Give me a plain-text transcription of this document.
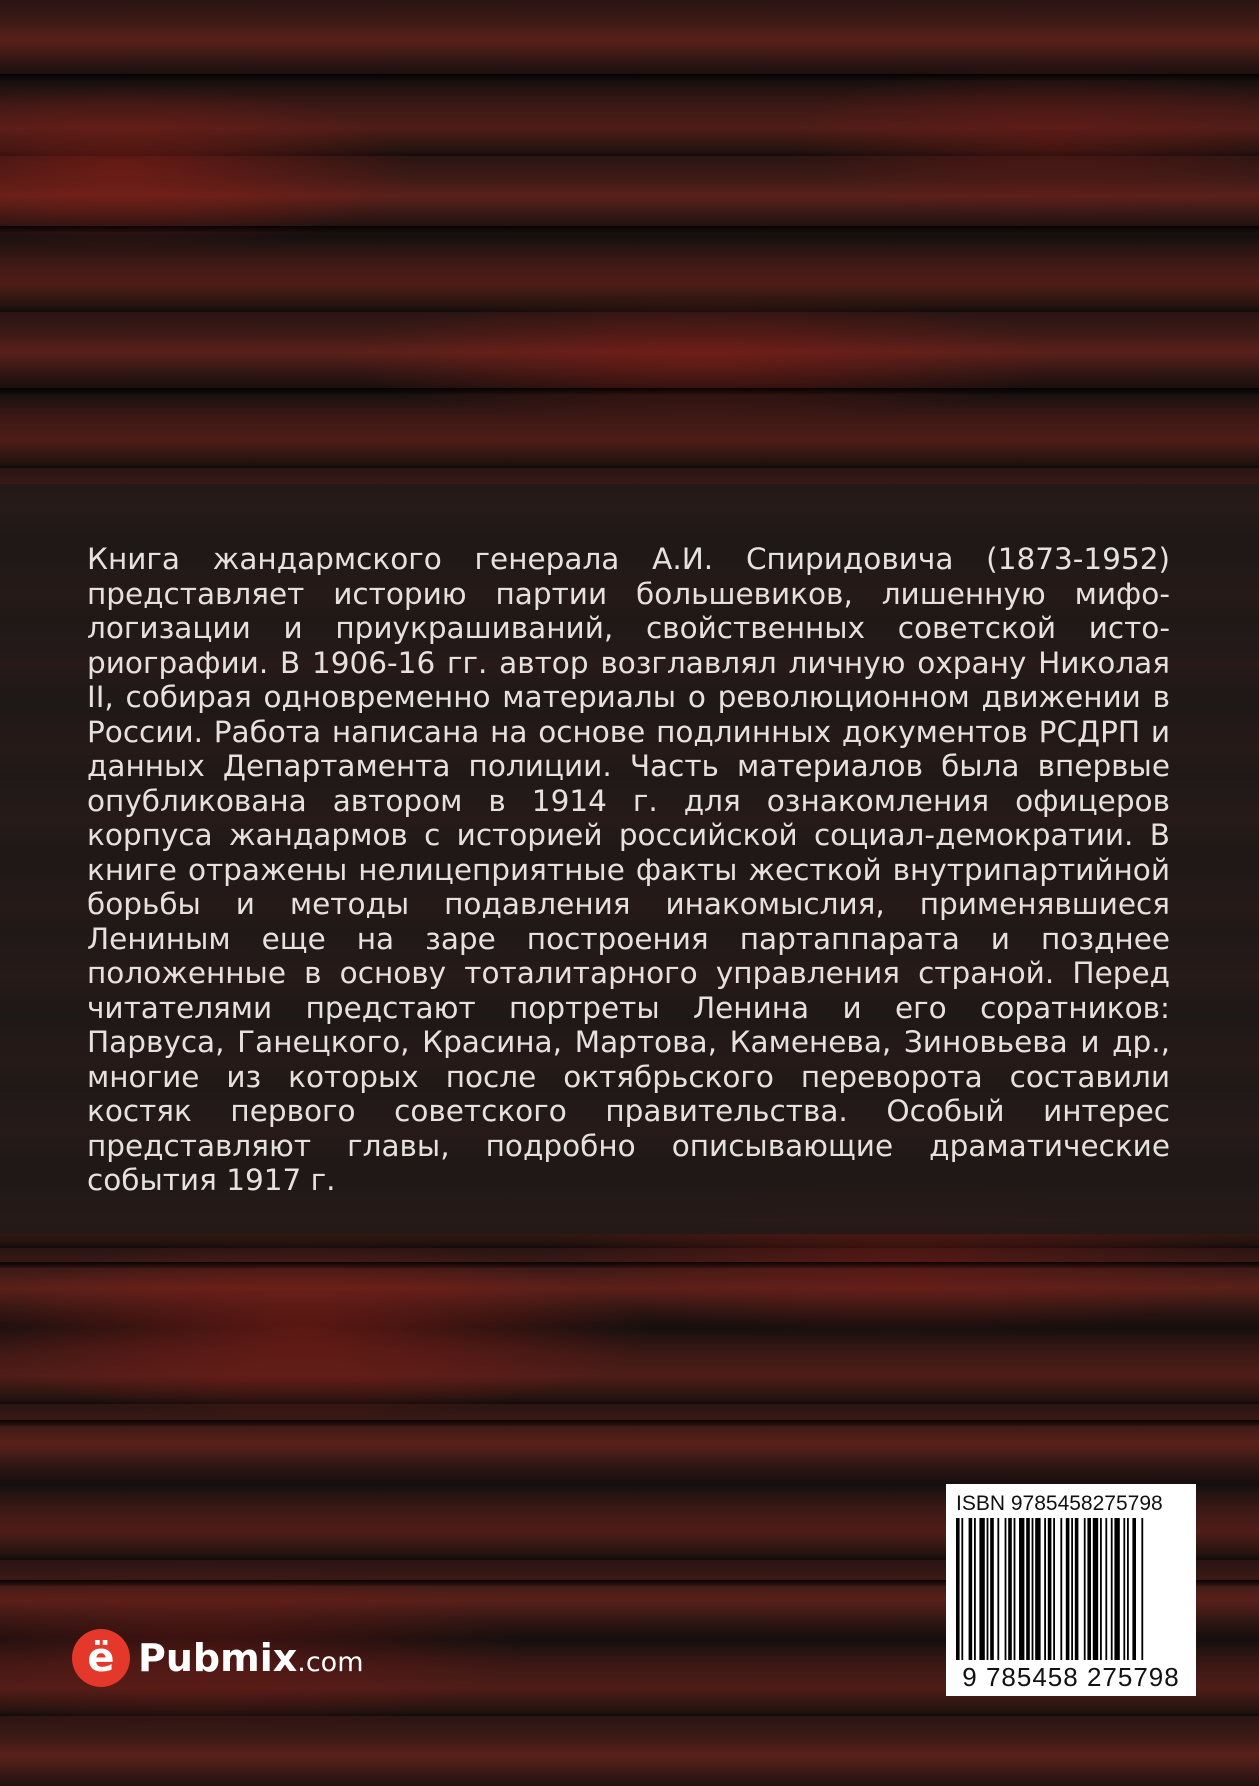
Книга жандармского генерала А.И. Спиридовича (1873-1952) представляет историю партии большевиков, лишенную мифологизации и приукрашиваний, свойственных советской историографии. В 1906-16 гг. автор возглавлял личную охрану Николая II, собирая одновременно материалы о революционном движении в России. Работа написана на основе подлинных документов РСДРП и данных Департамента полиции. Часть материалов была впервые опубликована автором в 1914 г. для ознакомления офицеров корпуса жандармов с историей российской социал-демократии. В книге отражены нелицеприятные факты жесткой внутрипартийной борьбы и методы подавления инакомыслия, применявшиеся Лениным еще на заре построения партаппарата и позднее положенные в основу тоталитарного управления страной. Перед читателями предстают портреты Ленина и его соратников: Парвуса, Ганецкого, Красина, Мартова, Каменева, Зиновьева и др., многие из которых после октябрьского переворота составили костяк первого советского правительства. Особый интерес представляют главы, подробно описывающие драматические события 1917 г.

ё Pubmix .com
ISBN 9785458275798
9 785458 275798
